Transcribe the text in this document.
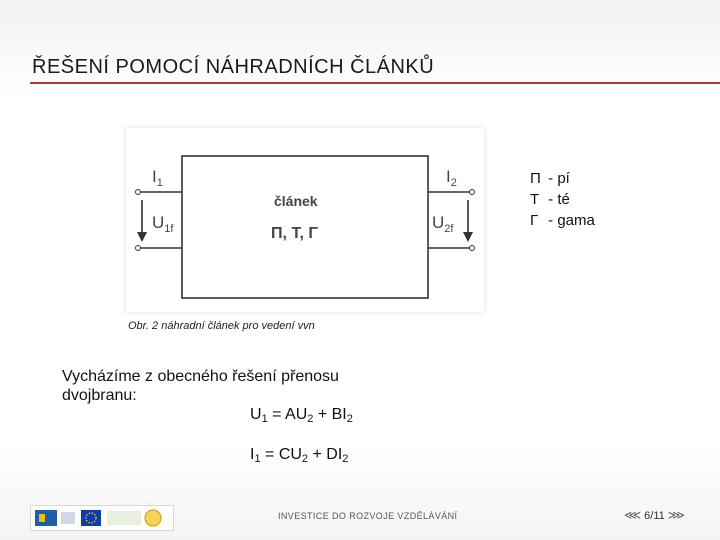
ŘEŠENÍ POMOCÍ NÁHRADNÍCH ČLÁNKŮ
$I_1$	$I_2$
$U_{1f}$	$U_{2f}$
článek
Π, T, Γ
Π - pí
T - té
Γ - gama
Obr. 2 náhradní článek pro vedení vvn
Vycházíme z obecného řešení přenosu dvojbranu:
$U_1 = AU_2 + BI_2$
$I_1 = CU_2 + DI_2$
INVESTICE DO ROZVOJE VZDĚLÁVÁNÍ	⋘ 6/11 ⋙
